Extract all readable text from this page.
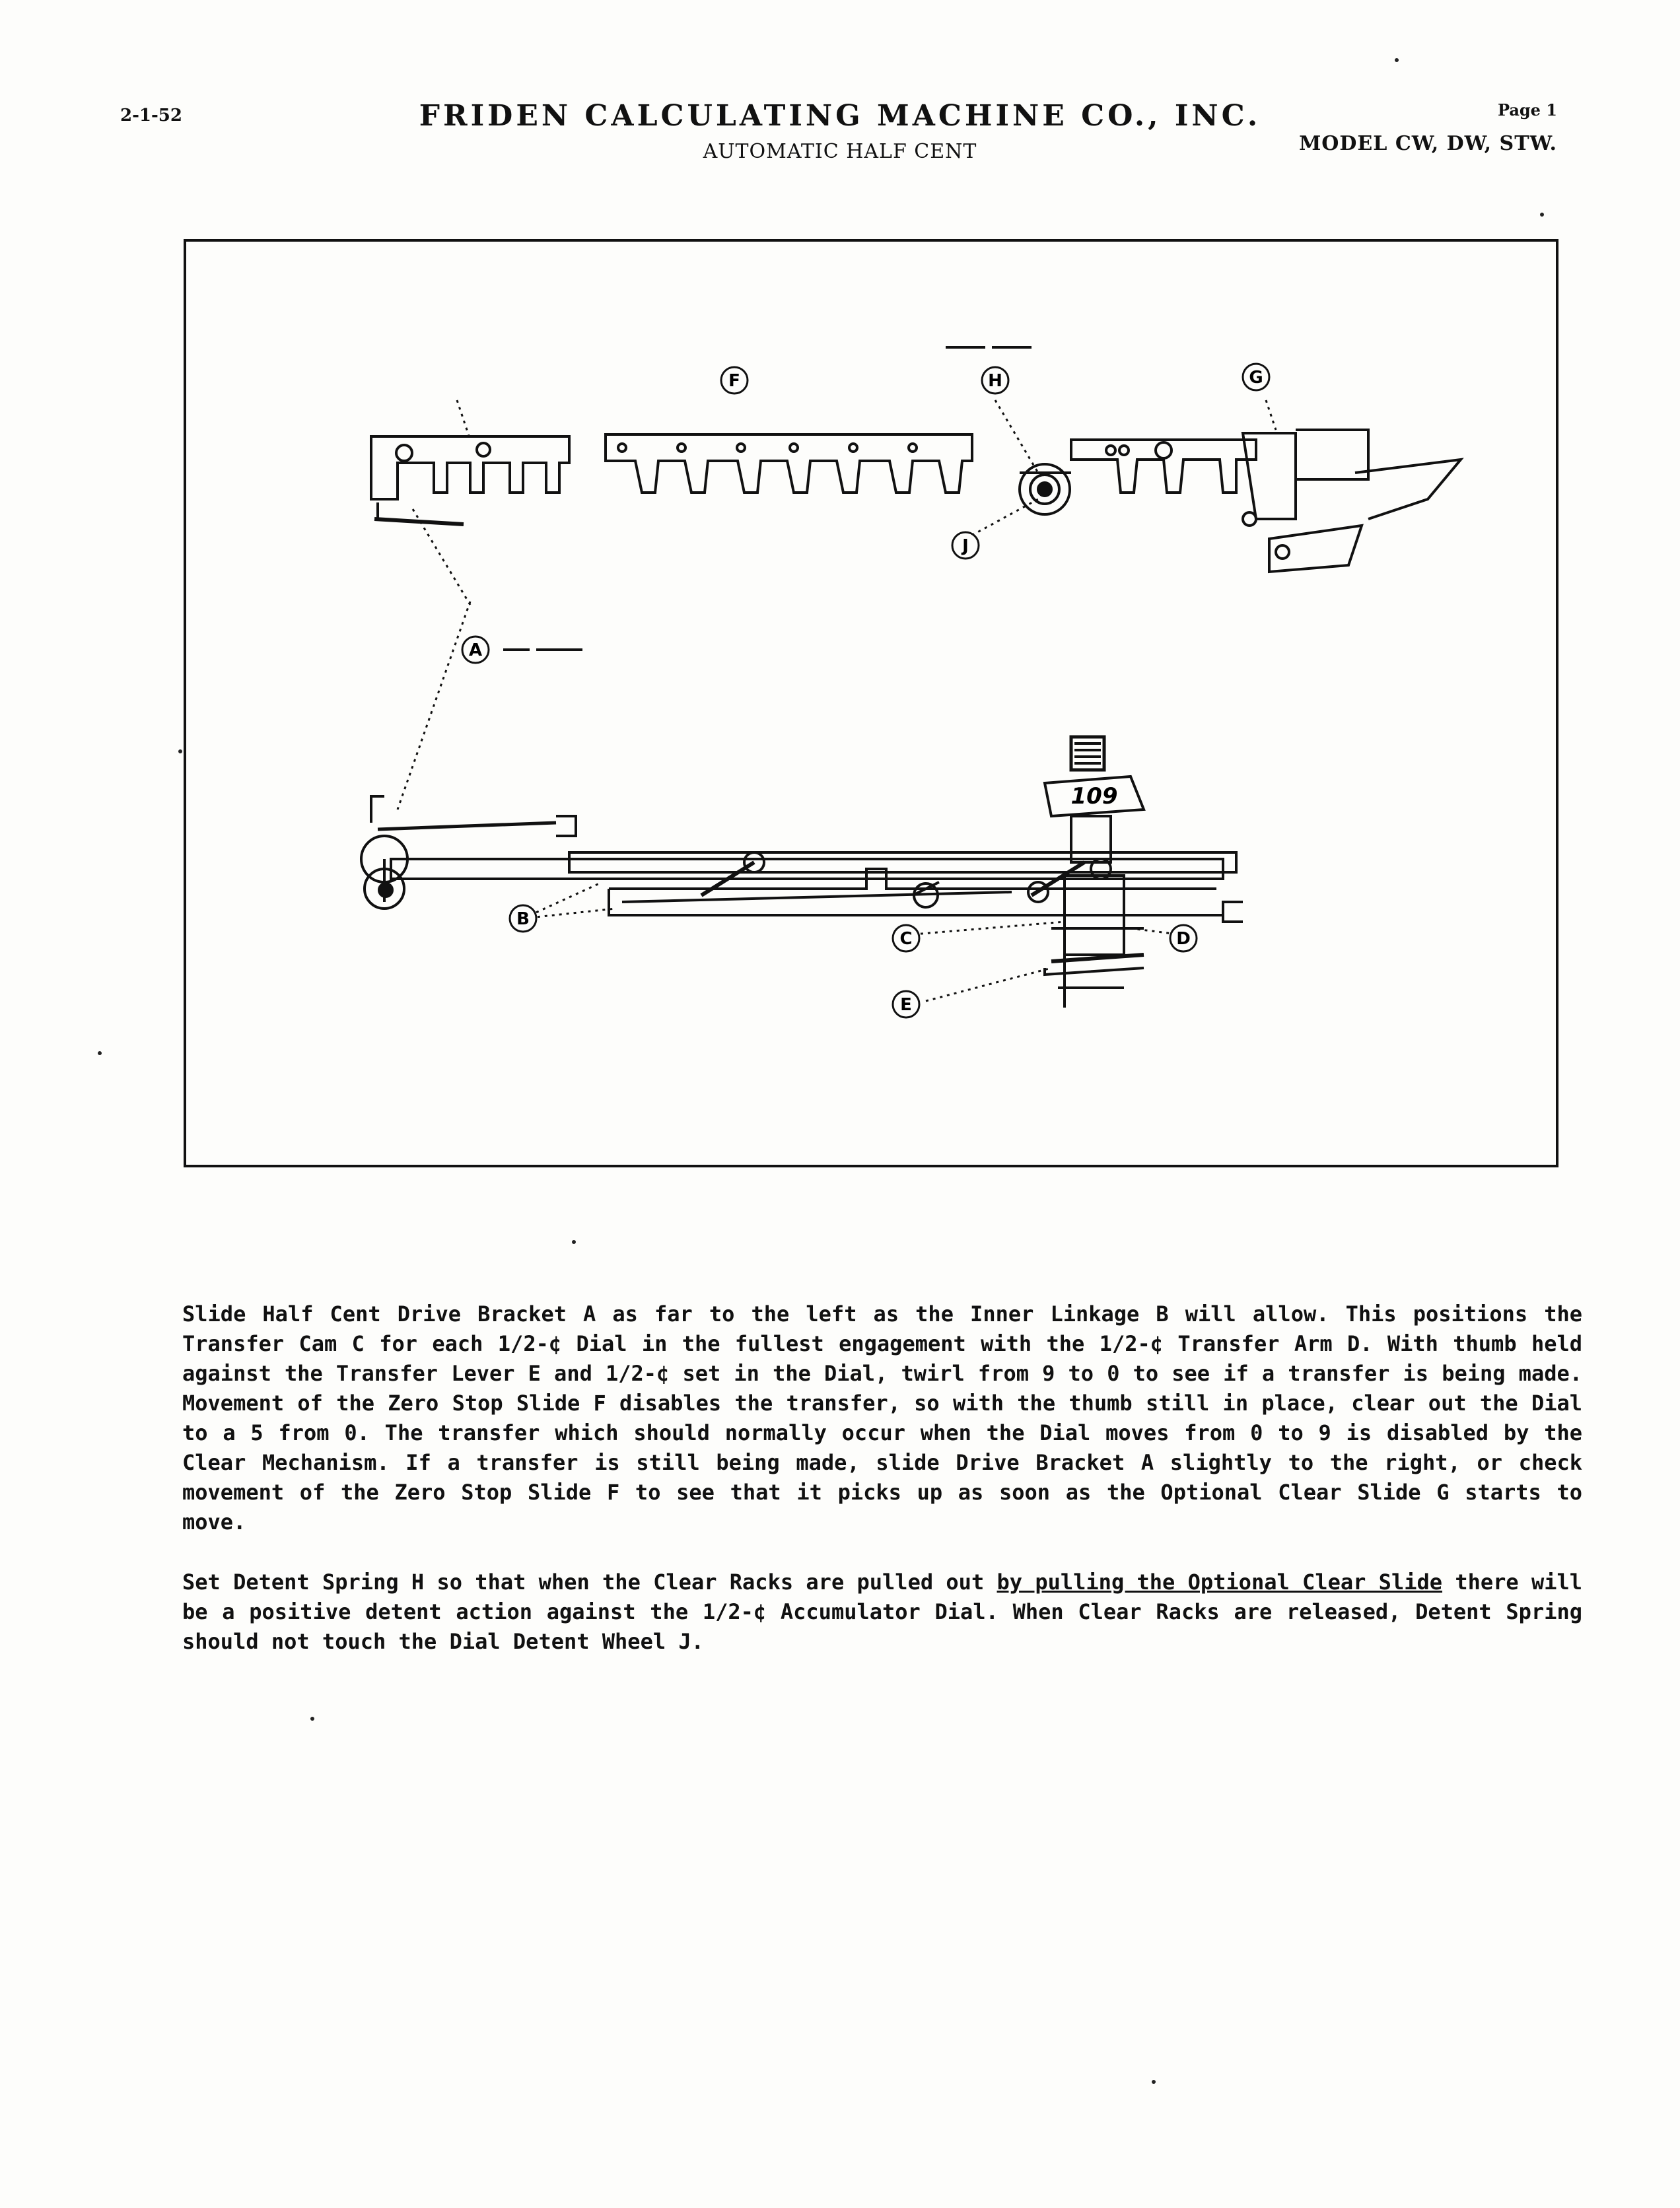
2-1-52	FRIDEN CALCULATING MACHINE CO., INC.
AUTOMATIC HALF CENT
Page 1
MODEL CW, DW, STW.
F	H	G
J
A
B
C	D
E
109

Slide Half Cent Drive Bracket A as far to the left as the Inner Linkage B will allow. This positions the Transfer Cam C for each 1/2-¢ Dial in the fullest engagement with the 1/2-¢ Transfer Arm D. With thumb held against the Transfer Lever E and 1/2-¢ set in the Dial, twirl from 9 to 0 to see if a transfer is being made. Movement of the Zero Stop Slide F disables the transfer, so with the thumb still in place, clear out the Dial to a 5 from 0. The transfer which should normally occur when the Dial moves from 0 to 9 is disabled by the Clear Mechanism. If a transfer is still being made, slide Drive Bracket A slightly to the right, or check movement of the Zero Stop Slide F to see that it picks up as soon as the Optional Clear Slide G starts to move.

Set Detent Spring H so that when the Clear Racks are pulled out by pulling the Optional Clear Slide there will be a positive detent action against the 1/2-¢ Accumulator Dial. When Clear Racks are released, Detent Spring should not touch the Dial Detent Wheel J.
